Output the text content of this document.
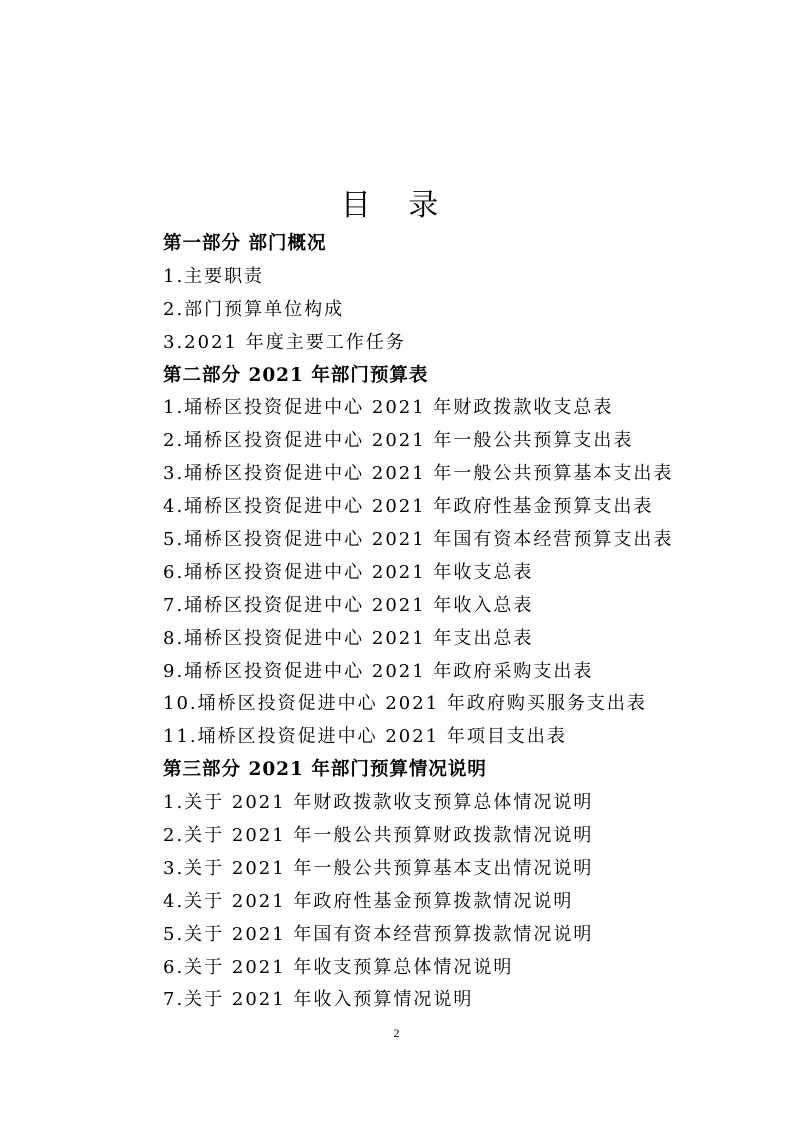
目 录
第一部分 部门概况
1.主要职责
2.部门预算单位构成
3.2021 年度主要工作任务
第二部分 2021 年部门预算表
1.埇桥区投资促进中心 2021 年财政拨款收支总表
2.埇桥区投资促进中心 2021 年一般公共预算支出表
3.埇桥区投资促进中心 2021 年一般公共预算基本支出表
4.埇桥区投资促进中心 2021 年政府性基金预算支出表
5.埇桥区投资促进中心 2021 年国有资本经营预算支出表
6.埇桥区投资促进中心 2021 年收支总表
7.埇桥区投资促进中心 2021 年收入总表
8.埇桥区投资促进中心 2021 年支出总表
9.埇桥区投资促进中心 2021 年政府采购支出表
10.埇桥区投资促进中心 2021 年政府购买服务支出表
11.埇桥区投资促进中心 2021 年项目支出表
第三部分 2021 年部门预算情况说明
1.关于 2021 年财政拨款收支预算总体情况说明
2.关于 2021 年一般公共预算财政拨款情况说明
3.关于 2021 年一般公共预算基本支出情况说明
4.关于 2021 年政府性基金预算拨款情况说明
5.关于 2021 年国有资本经营预算拨款情况说明
6.关于 2021 年收支预算总体情况说明
7.关于 2021 年收入预算情况说明
2
